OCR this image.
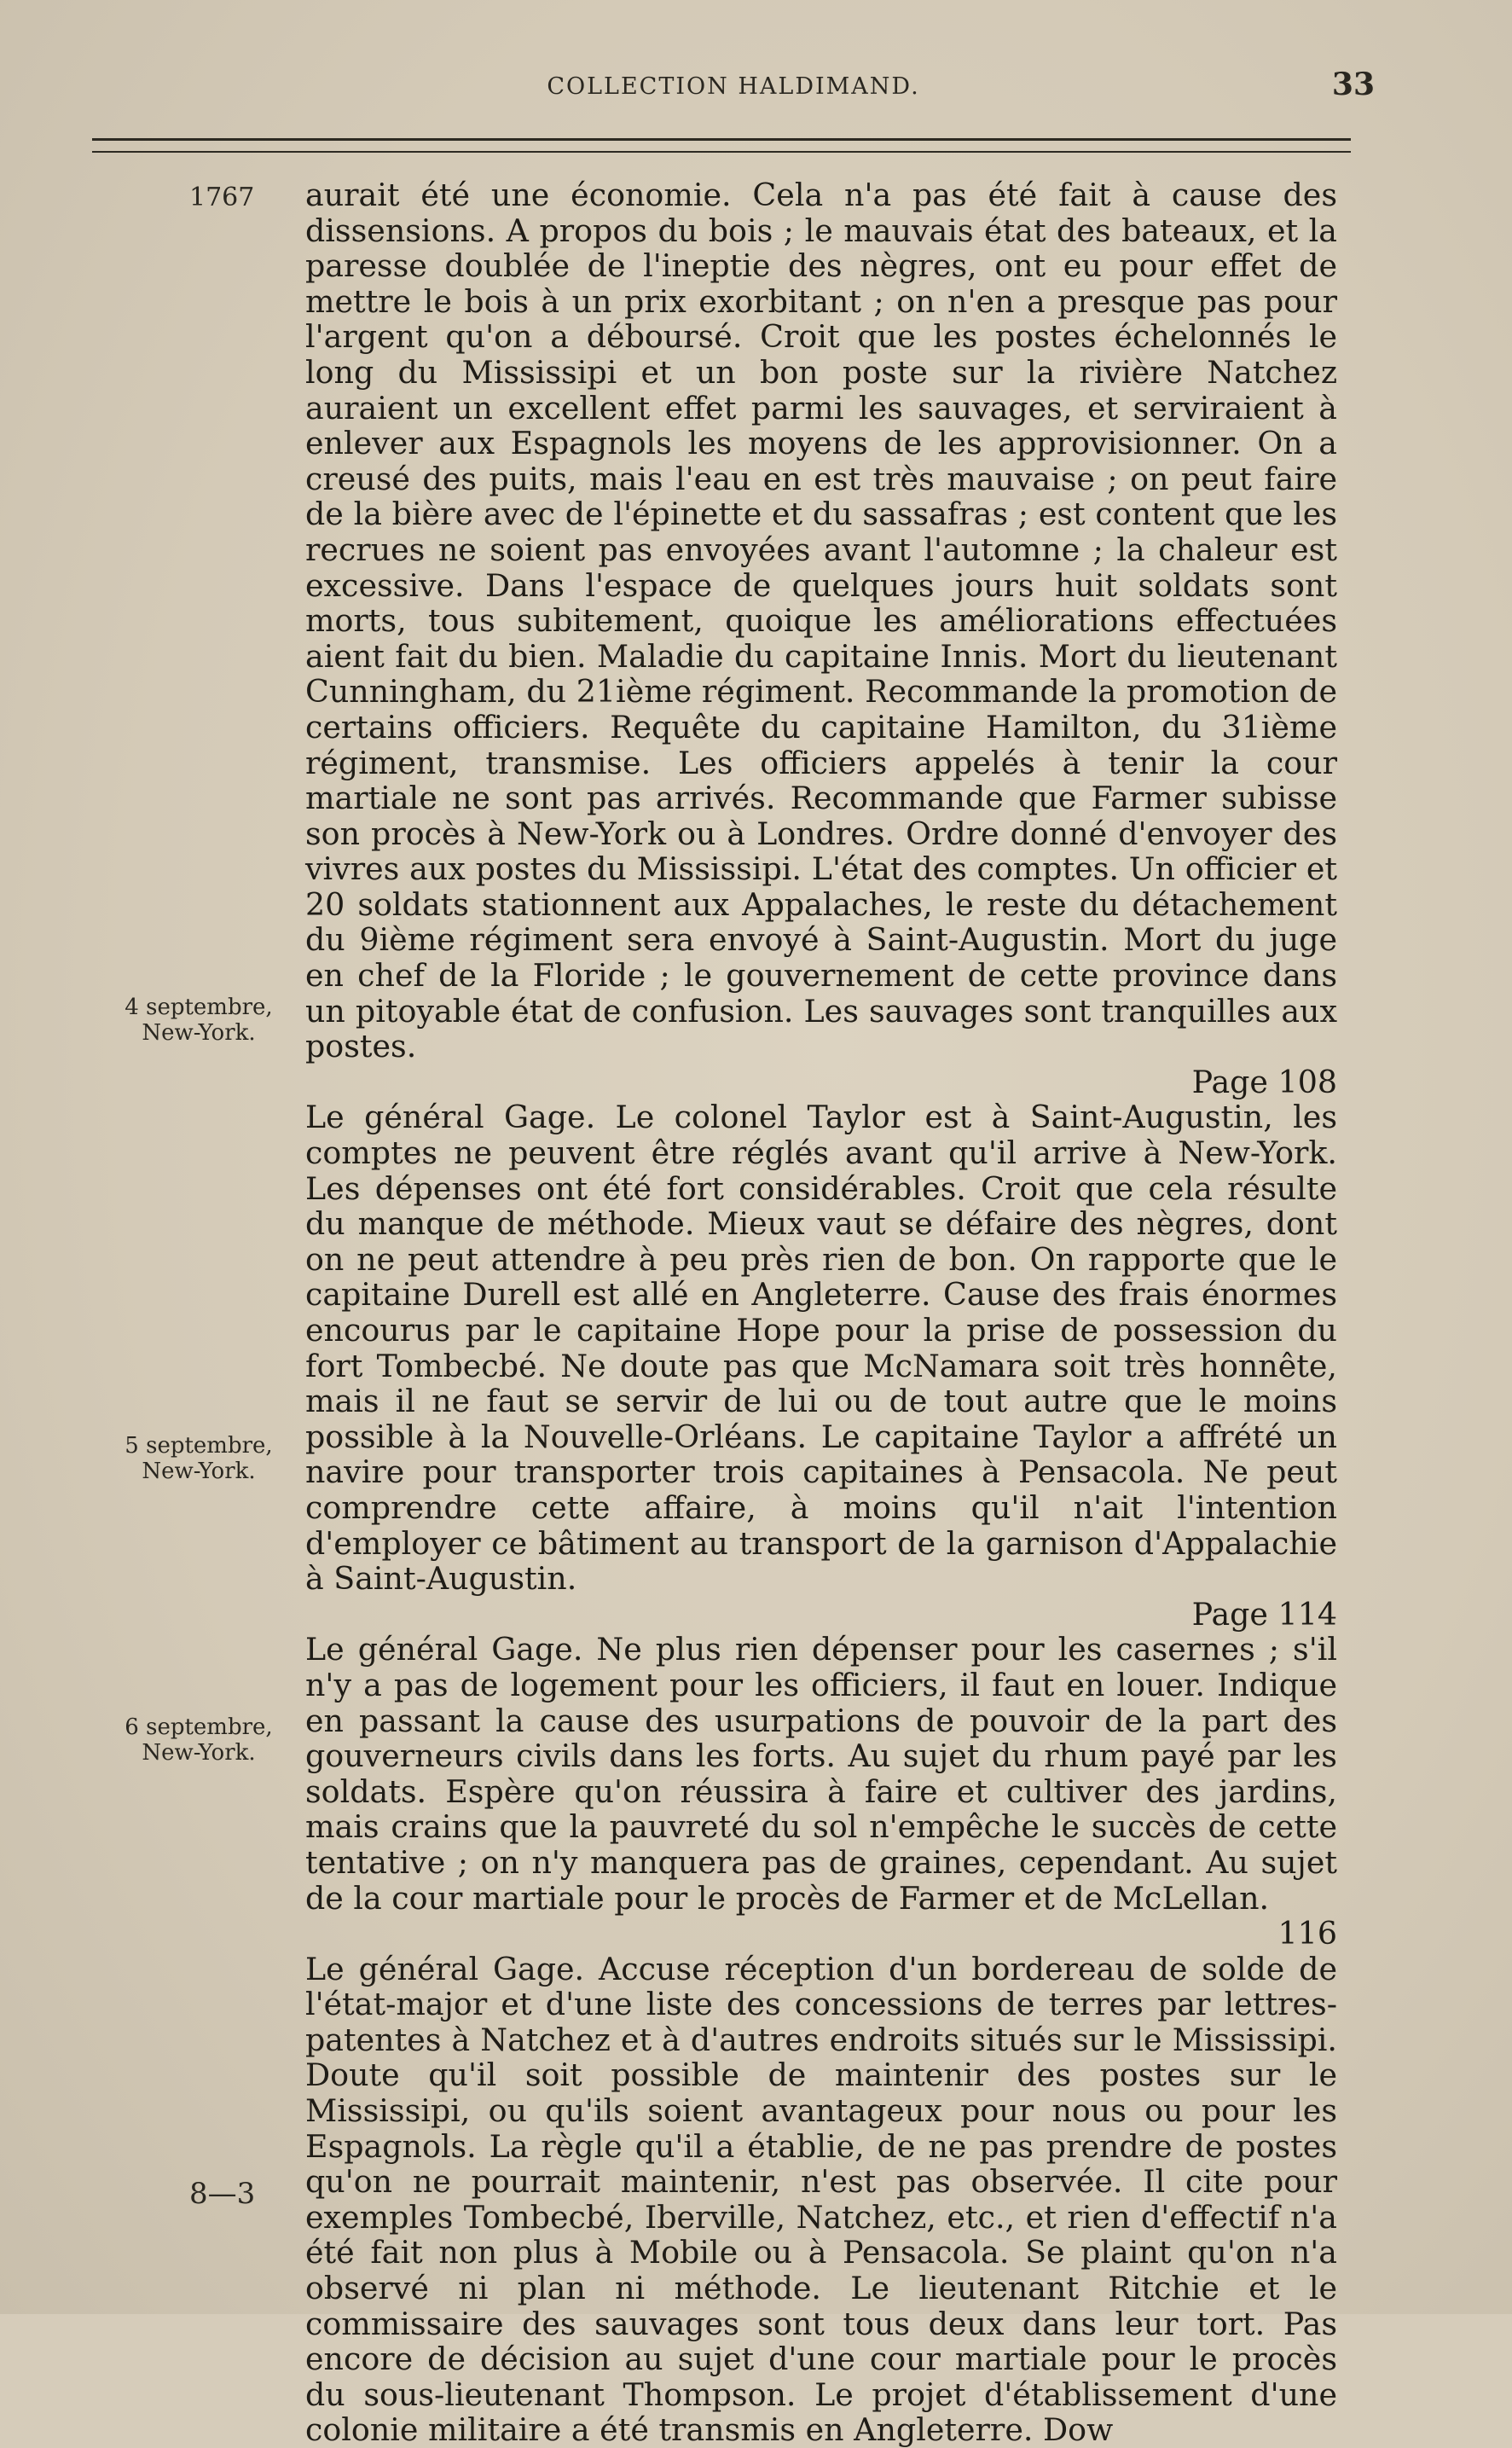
COLLECTION HALDIMAND.	33
1767
4 septembre,
New-York.
5 septembre,
New-York.
6 septembre,
New-York.

aurait été une économie. Cela n'a pas été fait à cause des dissensions. A propos du bois ; le mauvais état des bateaux, et la paresse doublée de l'ineptie des nègres, ont eu pour effet de mettre le bois à un prix exorbitant ; on n'en a presque pas pour l'argent qu'on a déboursé. Croit que les postes échelonnés le long du Mississipi et un bon poste sur la rivière Natchez auraient un excellent effet parmi les sauvages, et serviraient à enlever aux Espagnols les moyens de les approvisionner. On a creusé des puits, mais l'eau en est très mauvaise ; on peut faire de la bière avec de l'épinette et du sassafras ; est content que les recrues ne soient pas envoyées avant l'automne ; la chaleur est excessive. Dans l'espace de quelques jours huit soldats sont morts, tous subitement, quoique les améliorations effectuées aient fait du bien. Maladie du capitaine Innis. Mort du lieutenant Cunningham, du 21ième régiment. Recommande la promotion de certains officiers. Requête du capitaine Hamilton, du 31ième régiment, transmise. Les officiers appelés à tenir la cour martiale ne sont pas arrivés. Recommande que Farmer subisse son procès à New-York ou à Londres. Ordre donné d'envoyer des vivres aux postes du Mississipi. L'état des comptes. Un officier et 20 soldats stationnent aux Appalaches, le reste du détachement du 9ième régiment sera envoyé à Saint-Augustin. Mort du juge en chef de la Floride ; le gouvernement de cette province dans un pitoyable état de confusion. Les sauvages sont tranquilles aux postes.

Page 108

Le général Gage. Le colonel Taylor est à Saint-Augustin, les comptes ne peuvent être réglés avant qu'il arrive à New-York. Les dépenses ont été fort considérables. Croit que cela résulte du manque de méthode. Mieux vaut se défaire des nègres, dont on ne peut attendre à peu près rien de bon. On rapporte que le capitaine Durell est allé en Angleterre. Cause des frais énormes encourus par le capitaine Hope pour la prise de possession du fort Tombecbé. Ne doute pas que McNamara soit très honnête, mais il ne faut se servir de lui ou de tout autre que le moins possible à la Nouvelle-Orléans. Le capitaine Taylor a affrété un navire pour transporter trois capitaines à Pensacola. Ne peut comprendre cette affaire, à moins qu'il n'ait l'intention d'employer ce bâtiment au transport de la garnison d'Appalachie à Saint-Augustin.

Page 114

Le général Gage. Ne plus rien dépenser pour les casernes ; s'il n'y a pas de logement pour les officiers, il faut en louer. Indique en passant la cause des usurpations de pouvoir de la part des gouverneurs civils dans les forts. Au sujet du rhum payé par les soldats. Espère qu'on réussira à faire et cultiver des jardins, mais crains que la pauvreté du sol n'empêche le succès de cette tentative ; on n'y manquera pas de graines, cependant. Au sujet de la cour martiale pour le procès de Farmer et de McLellan.

116

Le général Gage. Accuse réception d'un bordereau de solde de l'état-major et d'une liste des concessions de terres par lettres-patentes à Natchez et à d'autres endroits situés sur le Mississipi. Doute qu'il soit possible de maintenir des postes sur le Mississipi, ou qu'ils soient avantageux pour nous ou pour les Espagnols. La règle qu'il a établie, de ne pas prendre de postes qu'on ne pourrait maintenir, n'est pas observée. Il cite pour exemples Tombecbé, Iberville, Natchez, etc., et rien d'effectif n'a été fait non plus à Mobile ou à Pensacola. Se plaint qu'on n'a observé ni plan ni méthode. Le lieutenant Ritchie et le commissaire des sauvages sont tous deux dans leur tort. Pas encore de décision au sujet d'une cour martiale pour le procès du sous-lieutenant Thompson. Le projet d'établissement d'une colonie militaire a été transmis en Angleterre. Dow

8—3
